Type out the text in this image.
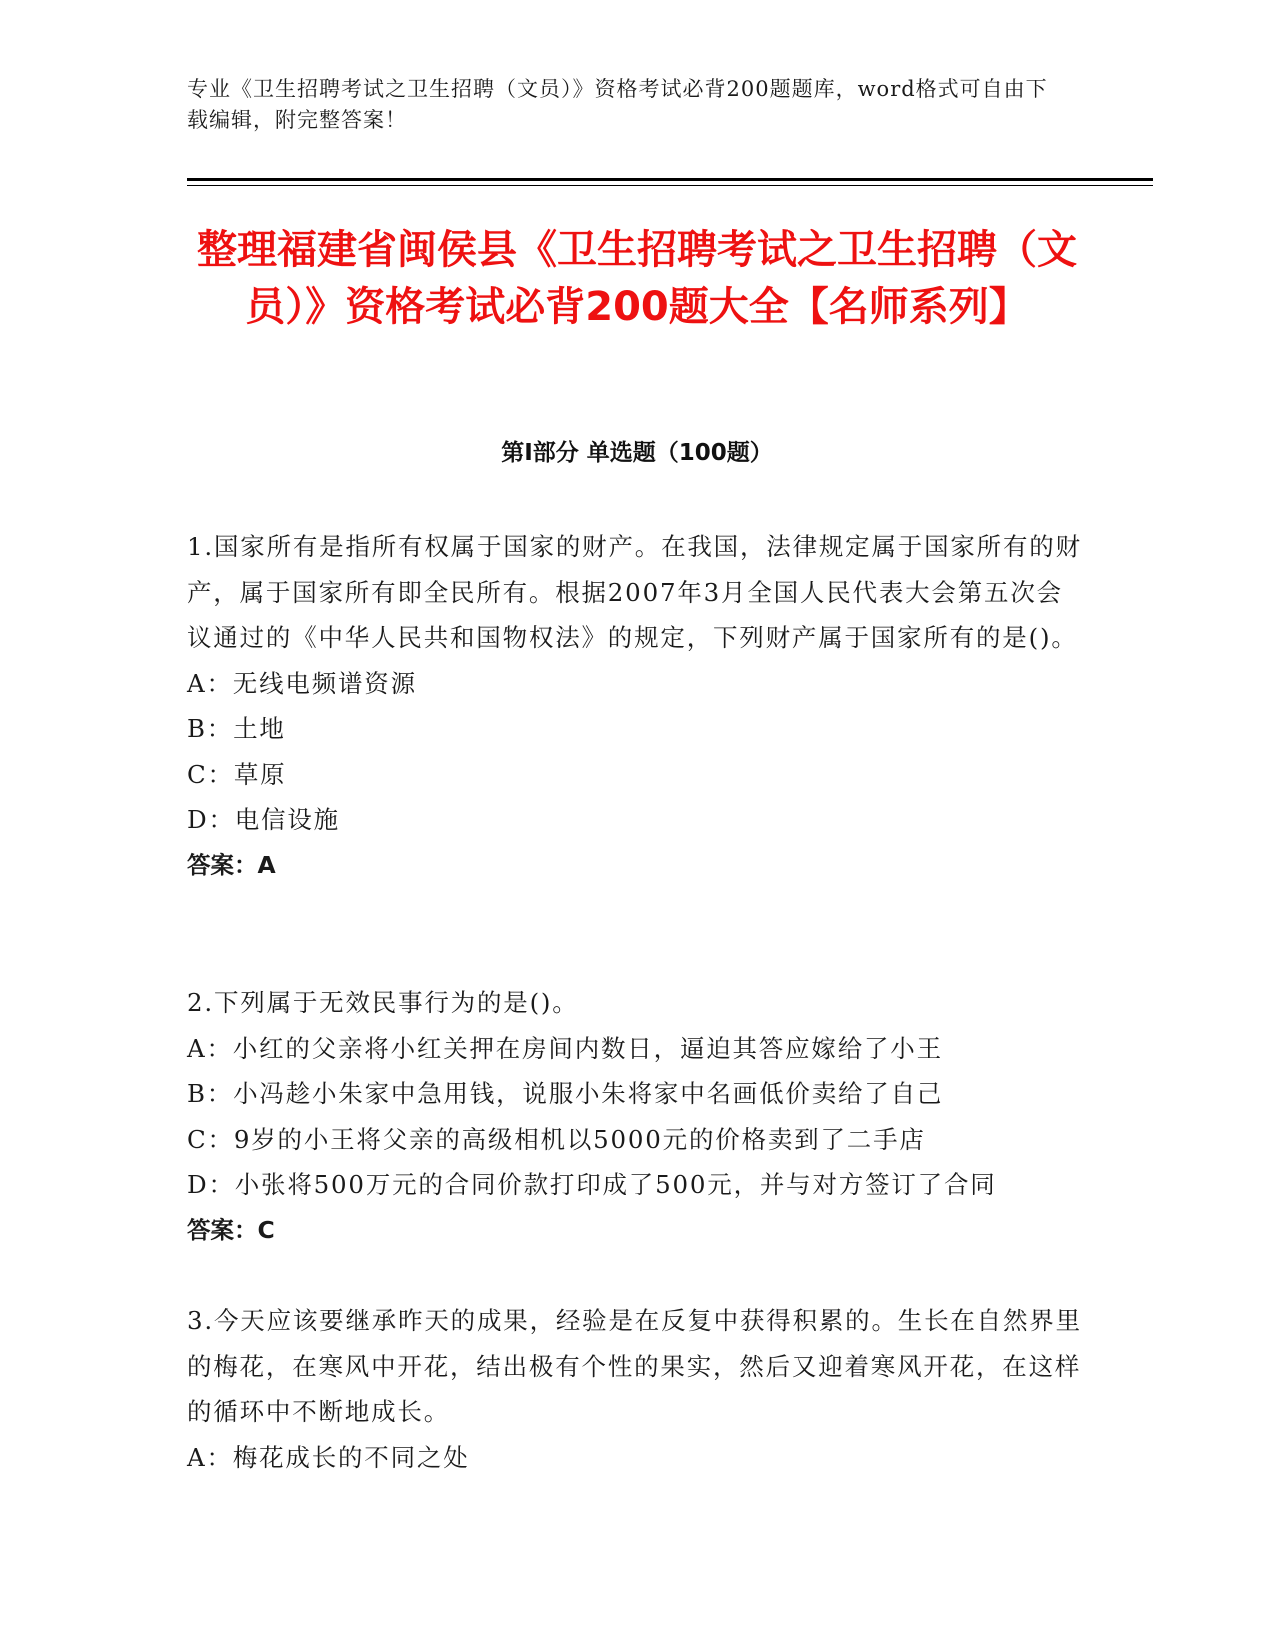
专业《卫生招聘考试之卫生招聘（文员）》资格考试必背200题题库，word格式可自由下载编辑，附完整答案！
整理福建省闽侯县《卫生招聘考试之卫生招聘（文员）》资格考试必背200题大全【名师系列】
第I部分 单选题（100题）

1.国家所有是指所有权属于国家的财产。在我国，法律规定属于国家所有的财产，属于国家所有即全民所有。根据2007年3月全国人民代表大会第五次会议通过的《中华人民共和国物权法》的规定，下列财产属于国家所有的是()。

A：无线电频谱资源

B：土地

C：草原

D：电信设施

答案：A

2.下列属于无效民事行为的是()。

A：小红的父亲将小红关押在房间内数日，逼迫其答应嫁给了小王

B：小冯趁小朱家中急用钱，说服小朱将家中名画低价卖给了自己

C：9岁的小王将父亲的高级相机以5000元的价格卖到了二手店

D：小张将500万元的合同价款打印成了500元，并与对方签订了合同

答案：C

3.今天应该要继承昨天的成果，经验是在反复中获得积累的。生长在自然界里的梅花，在寒风中开花，结出极有个性的果实，然后又迎着寒风开花，在这样的循环中不断地成长。

A：梅花成长的不同之处
